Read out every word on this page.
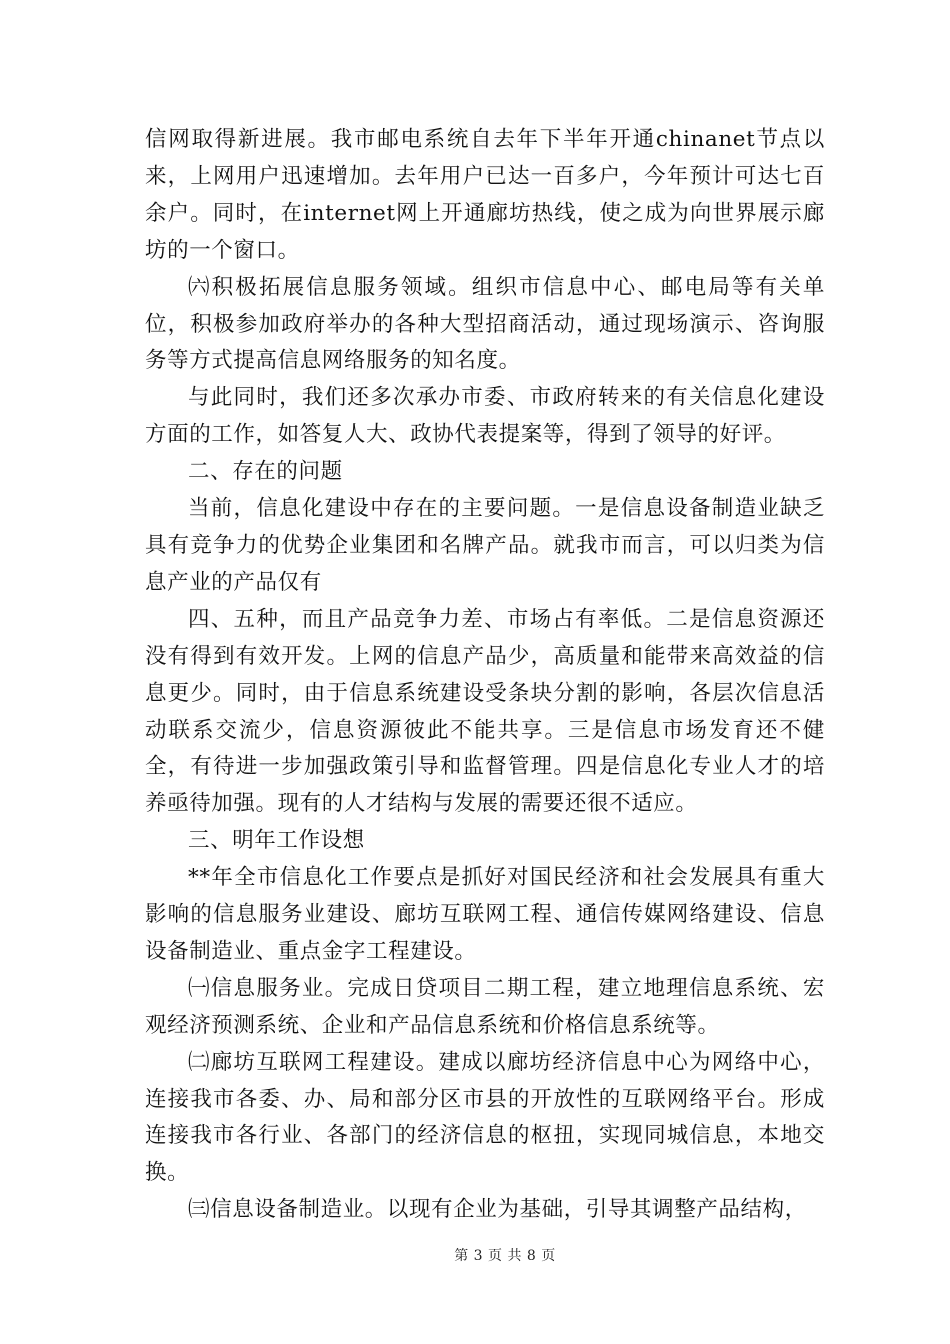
信网取得新进展。我市邮电系统自去年下半年开通chinanet节点以来，上网用户迅速增加。去年用户已达一百多户，今年预计可达七百余户。同时，在internet网上开通廊坊热线，使之成为向世界展示廊坊的一个窗口。

㈥积极拓展信息服务领域。组织市信息中心、邮电局等有关单位，积极参加政府举办的各种大型招商活动，通过现场演示、咨询服务等方式提高信息网络服务的知名度。

与此同时，我们还多次承办市委、市政府转来的有关信息化建设方面的工作，如答复人大、政协代表提案等，得到了领导的好评。

二、存在的问题

当前，信息化建设中存在的主要问题。一是信息设备制造业缺乏具有竞争力的优势企业集团和名牌产品。就我市而言，可以归类为信息产业的产品仅有

四、五种，而且产品竞争力差、市场占有率低。二是信息资源还没有得到有效开发。上网的信息产品少，高质量和能带来高效益的信息更少。同时，由于信息系统建设受条块分割的影响，各层次信息活动联系交流少，信息资源彼此不能共享。三是信息市场发育还不健全，有待进一步加强政策引导和监督管理。四是信息化专业人才的培养亟待加强。现有的人才结构与发展的需要还很不适应。

三、明年工作设想

**年全市信息化工作要点是抓好对国民经济和社会发展具有重大影响的信息服务业建设、廊坊互联网工程、通信传媒网络建设、信息设备制造业、重点金字工程建设。

㈠信息服务业。完成日贷项目二期工程，建立地理信息系统、宏观经济预测系统、企业和产品信息系统和价格信息系统等。

㈡廊坊互联网工程建设。建成以廊坊经济信息中心为网络中心，连接我市各委、办、局和部分区市县的开放性的互联网络平台。形成连接我市各行业、各部门的经济信息的枢扭，实现同城信息，本地交换。

㈢信息设备制造业。以现有企业为基础，引导其调整产品结构，

第 3 页 共 8 页
